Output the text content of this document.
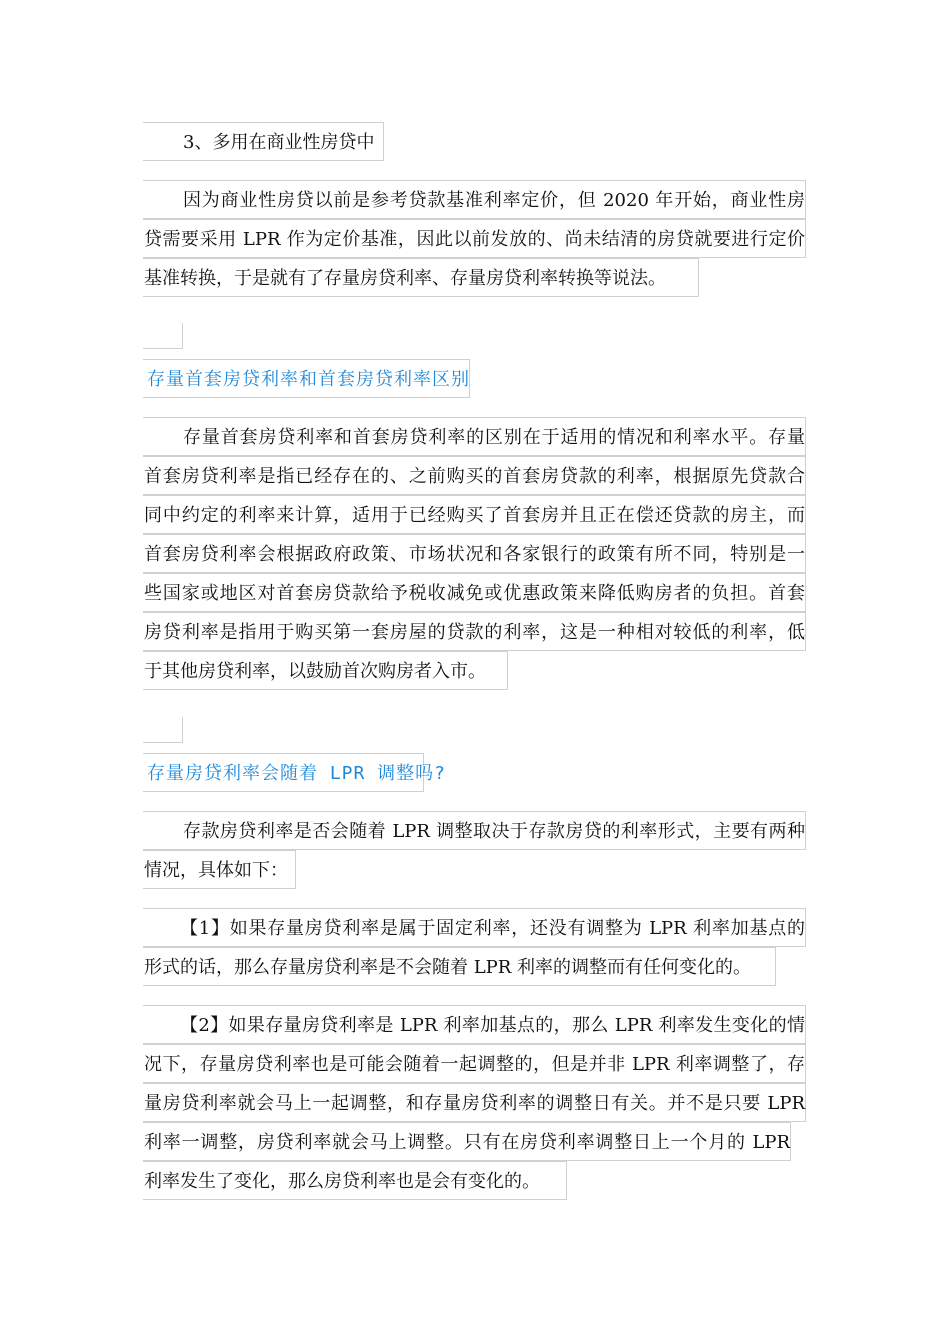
3、多用在商业性房贷中
因为商业性房贷以前是参考贷款基准利率定价，但 2020 年开始，商业性房
贷需要采用 LPR 作为定价基准，因此以前发放的、尚未结清的房贷就要进行定价
基准转换，于是就有了存量房贷利率、存量房贷利率转换等说法。
存量首套房贷利率和首套房贷利率区别
存量首套房贷利率和首套房贷利率的区别在于适用的情况和利率水平。存量
首套房贷利率是指已经存在的、之前购买的首套房贷款的利率，根据原先贷款合
同中约定的利率来计算，适用于已经购买了首套房并且正在偿还贷款的房主，而
首套房贷利率会根据政府政策、市场状况和各家银行的政策有所不同，特别是一
些国家或地区对首套房贷款给予税收减免或优惠政策来降低购房者的负担。首套
房贷利率是指用于购买第一套房屋的贷款的利率，这是一种相对较低的利率，低
于其他房贷利率，以鼓励首次购房者入市。
存量房贷利率会随着 LPR 调整吗?
存款房贷利率是否会随着 LPR 调整取决于存款房贷的利率形式，主要有两种
情况，具体如下：
【1】如果存量房贷利率是属于固定利率，还没有调整为 LPR 利率加基点的
形式的话，那么存量房贷利率是不会随着 LPR 利率的调整而有任何变化的。
【2】如果存量房贷利率是 LPR 利率加基点的，那么 LPR 利率发生变化的情
况下，存量房贷利率也是可能会随着一起调整的，但是并非 LPR 利率调整了，存
量房贷利率就会马上一起调整，和存量房贷利率的调整日有关。并不是只要 LPR
利率一调整，房贷利率就会马上调整。只有在房贷利率调整日上一个月的 LPR
利率发生了变化，那么房贷利率也是会有变化的。
